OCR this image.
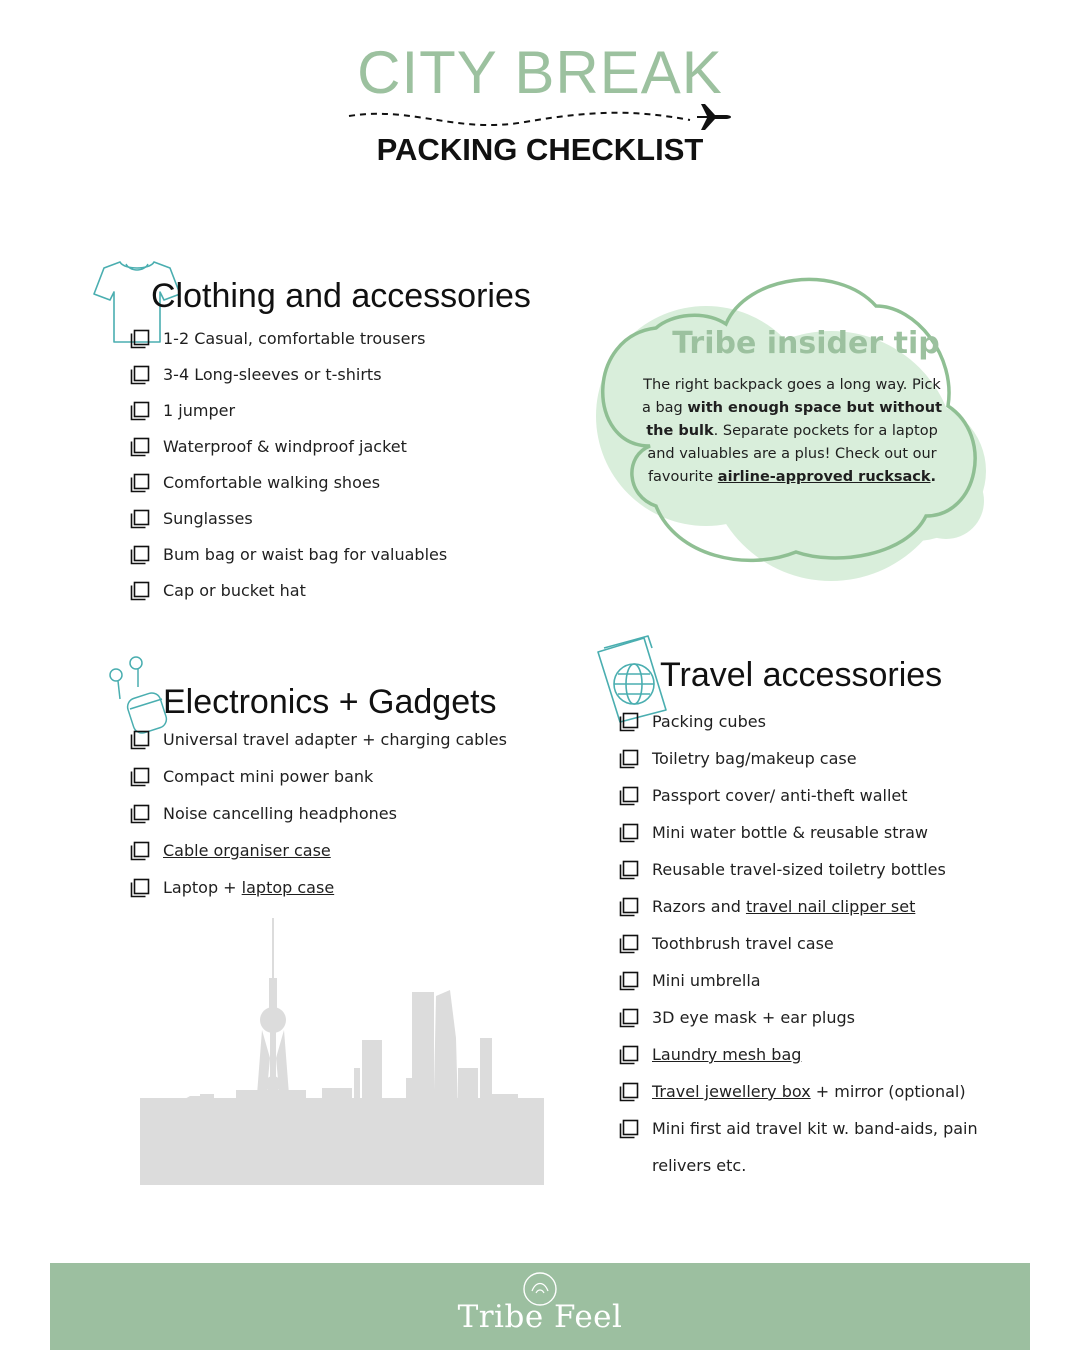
CITY BREAK
PACKING CHECKLIST
Clothing and accessories
1-2 Casual, comfortable trousers
3-4 Long-sleeves or t-shirts
1 jumper
Waterproof & windproof jacket
Comfortable walking shoes
Sunglasses
Bum bag or waist bag for valuables
Cap or bucket hat
Tribe insider tip
The right backpack goes a long way. Pick a bag with enough space but without the bulk. Separate pockets for a laptop and valuables are a plus! Check out our favourite airline-approved rucksack.
Electronics + Gadgets
Universal travel adapter + charging cables
Compact mini power bank
Noise cancelling headphones
Cable organiser case
Laptop + laptop case
Travel accessories
Packing cubes
Toiletry bag/makeup case
Passport cover/ anti-theft wallet
Mini water bottle & reusable straw
Reusable travel-sized toiletry bottles
Razors and travel nail clipper set
Toothbrush travel case
Mini umbrella
3D eye mask + ear plugs
Laundry mesh bag
Travel jewellery box + mirror (optional)
Mini first aid travel kit w. band-aids, pain
relivers etc.
Tribe Feel
